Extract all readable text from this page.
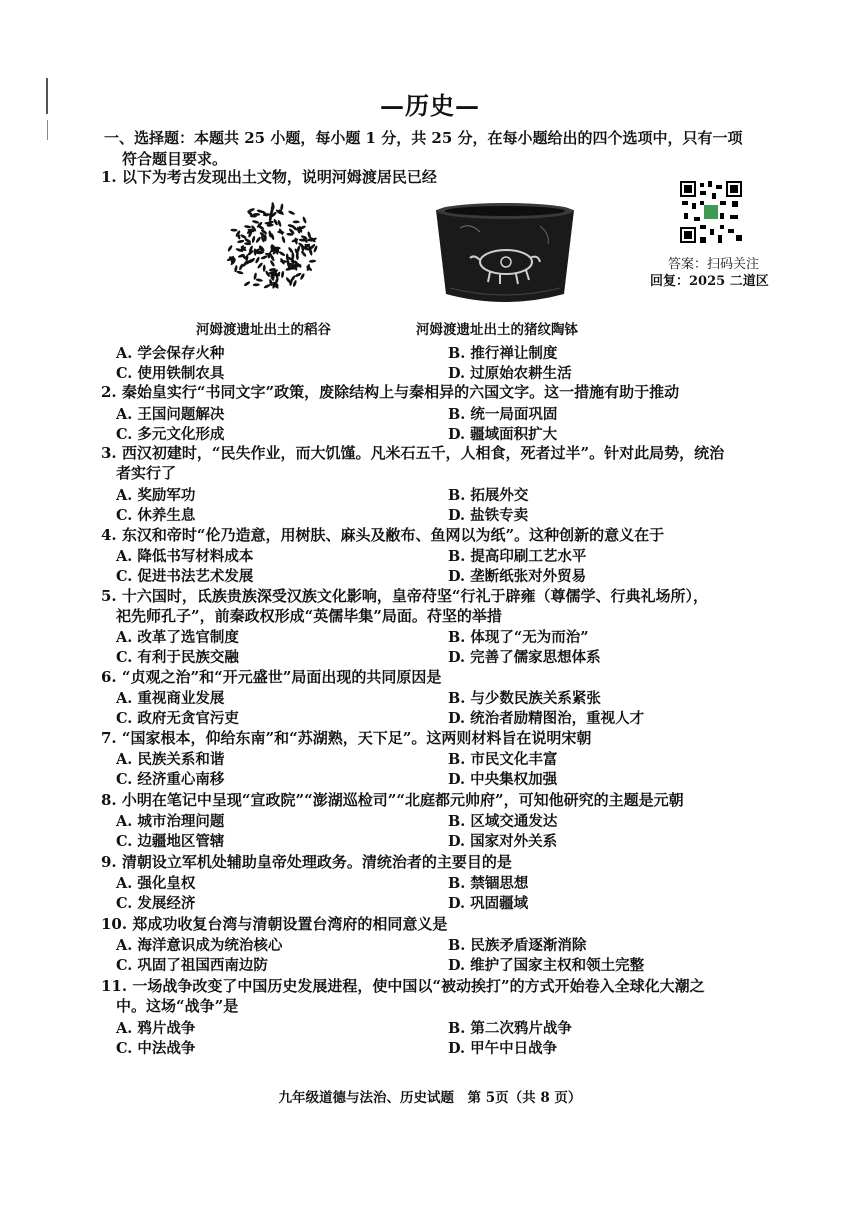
—历史—
一、选择题：本题共 25 小题，每小题 1 分，共 25 分，在每小题给出的四个选项中，只有一项
符合题目要求。
1. 以下为考古发现出土文物，说明河姆渡居民已经
河姆渡遗址出土的稻谷	河姆渡遗址出土的猪纹陶钵
答案：扫码关注
回复：2025 二道区
A. 学会保存火种	B. 推行禅让制度
C. 使用铁制农具	D. 过原始农耕生活
2. 秦始皇实行“书同文字”政策，废除结构上与秦相异的六国文字。这一措施有助于推动
A. 王国问题解决	B. 统一局面巩固
C. 多元文化形成	D. 疆域面积扩大
3. 西汉初建时，“民失作业，而大饥馑。凡米石五千，人相食，死者过半”。针对此局势，统治
者实行了
A. 奖励军功	B. 拓展外交
C. 休养生息	D. 盐铁专卖
4. 东汉和帝时“伦乃造意，用树肤、麻头及敝布、鱼网以为纸”。这种创新的意义在于
A. 降低书写材料成本	B. 提高印刷工艺水平
C. 促进书法艺术发展	D. 垄断纸张对外贸易
5. 十六国时，氐族贵族深受汉族文化影响，皇帝苻坚“行礼于辟雍（尊儒学、行典礼场所），
祀先师孔子”，前秦政权形成“英儒毕集”局面。苻坚的举措
A. 改革了选官制度	B. 体现了“无为而治”
C. 有利于民族交融	D. 完善了儒家思想体系
6. “贞观之治”和“开元盛世”局面出现的共同原因是
A. 重视商业发展	B. 与少数民族关系紧张
C. 政府无贪官污吏	D. 统治者励精图治，重视人才
7. “国家根本，仰给东南”和“苏湖熟，天下足”。这两则材料旨在说明宋朝
A. 民族关系和谐	B. 市民文化丰富
C. 经济重心南移	D. 中央集权加强
8. 小明在笔记中呈现“宣政院”“澎湖巡检司”“北庭都元帅府”，可知他研究的主题是元朝
A. 城市治理问题	B. 区域交通发达
C. 边疆地区管辖	D. 国家对外关系
9. 清朝设立军机处辅助皇帝处理政务。清统治者的主要目的是
A. 强化皇权	B. 禁锢思想
C. 发展经济	D. 巩固疆域
10. 郑成功收复台湾与清朝设置台湾府的相同意义是
A. 海洋意识成为统治核心	B. 民族矛盾逐渐消除
C. 巩固了祖国西南边防	D. 维护了国家主权和领土完整
11. 一场战争改变了中国历史发展进程，使中国以“被动挨打”的方式开始卷入全球化大潮之
中。这场“战争”是
A. 鸦片战争	B. 第二次鸦片战争
C. 中法战争	D. 甲午中日战争
九年级道德与法治、历史试题　第 5页（共 8 页）
